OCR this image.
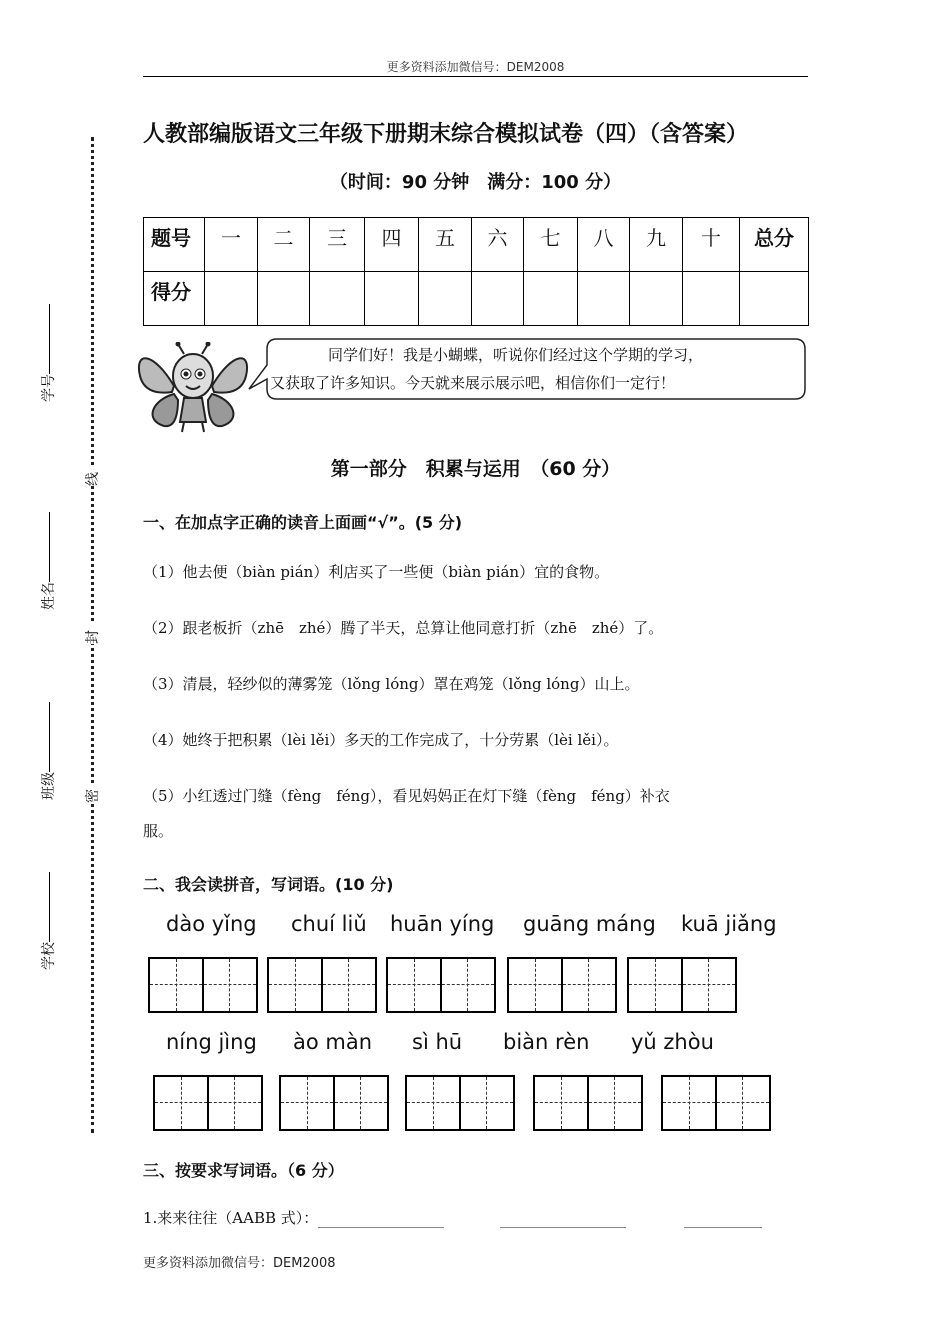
更多资料添加微信号：DEM2008
学号
姓名
班级
学校
线
封
密
人教部编版语文三年级下册期末综合模拟试卷（四）（含答案）
（时间：90 分钟　满分：100 分）
题号	一	二	三	四	五	六	七	八	九	十	总分
得分											
同学们好！我是小蝴蝶，听说你们经过这个学期的学习，
又获取了许多知识。今天就来展示展示吧，相信你们一定行！
第一部分　积累与运用　（60 分）
一、在加点字正确的读音上面画“√”。(5 分)
（1）他去便（biàn pián）利店买了一些便（biàn pián）宜的食物。
（2）跟老板折（zhē　zhé）腾了半天，总算让他同意打折（zhē　zhé）了。
（3）清晨，轻纱似的薄雾笼（lǒng lóng）罩在鸡笼（lǒng lóng）山上。
（4）她终于把积累（lèi lěi）多天的工作完成了，十分劳累（lèi lěi）。
（5）小红透过门缝（fèng　féng），看见妈妈正在灯下缝（fèng　féng）补衣
服。
二、我会读拼音，写词语。(10 分)
dào yǐng chuí liǔ huān yíng guāng máng kuā jiǎng
níng jìng ào màn sì hū biàn rèn yǔ zhòu
三、按要求写词语。（6 分）
1.来来往往（AABB 式）：
更多资料添加微信号：DEM2008
